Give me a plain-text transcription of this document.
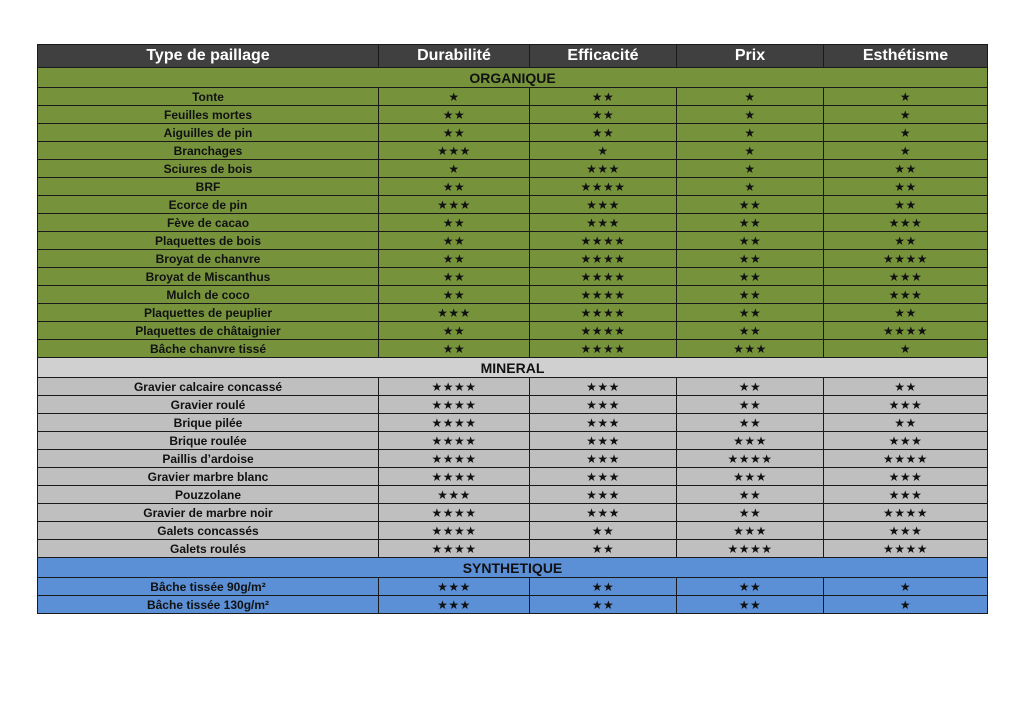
Type de paillage	Durabilité	Efficacité	Prix	Esthétisme
ORGANIQUE				
Tonte	★	★★	★	★
Feuilles mortes	★★	★★	★	★
Aiguilles de pin	★★	★★	★	★
Branchages	★★★	★	★	★
Sciures de bois	★	★★★	★	★★
BRF	★★	★★★★	★	★★
Ecorce de pin	★★★	★★★	★★	★★
Fève de cacao	★★	★★★	★★	★★★
Plaquettes de bois	★★	★★★★	★★	★★
Broyat de chanvre	★★	★★★★	★★	★★★★
Broyat de Miscanthus	★★	★★★★	★★	★★★
Mulch de coco	★★	★★★★	★★	★★★
Plaquettes de peuplier	★★★	★★★★	★★	★★
Plaquettes de châtaignier	★★	★★★★	★★	★★★★
Bâche chanvre tissé	★★	★★★★	★★★	★
MINERAL				
Gravier calcaire concassé	★★★★	★★★	★★	★★
Gravier roulé	★★★★	★★★	★★	★★★
Brique pilée	★★★★	★★★	★★	★★
Brique roulée	★★★★	★★★	★★★	★★★
Paillis d’ardoise	★★★★	★★★	★★★★	★★★★
Gravier marbre blanc	★★★★	★★★	★★★	★★★
Pouzzolane	★★★	★★★	★★	★★★
Gravier de marbre noir	★★★★	★★★	★★	★★★★
Galets concassés	★★★★	★★	★★★	★★★
Galets roulés	★★★★	★★	★★★★	★★★★
SYNTHETIQUE				
Bâche tissée 90g/m²	★★★	★★	★★	★
Bâche tissée 130g/m²	★★★	★★	★★	★
